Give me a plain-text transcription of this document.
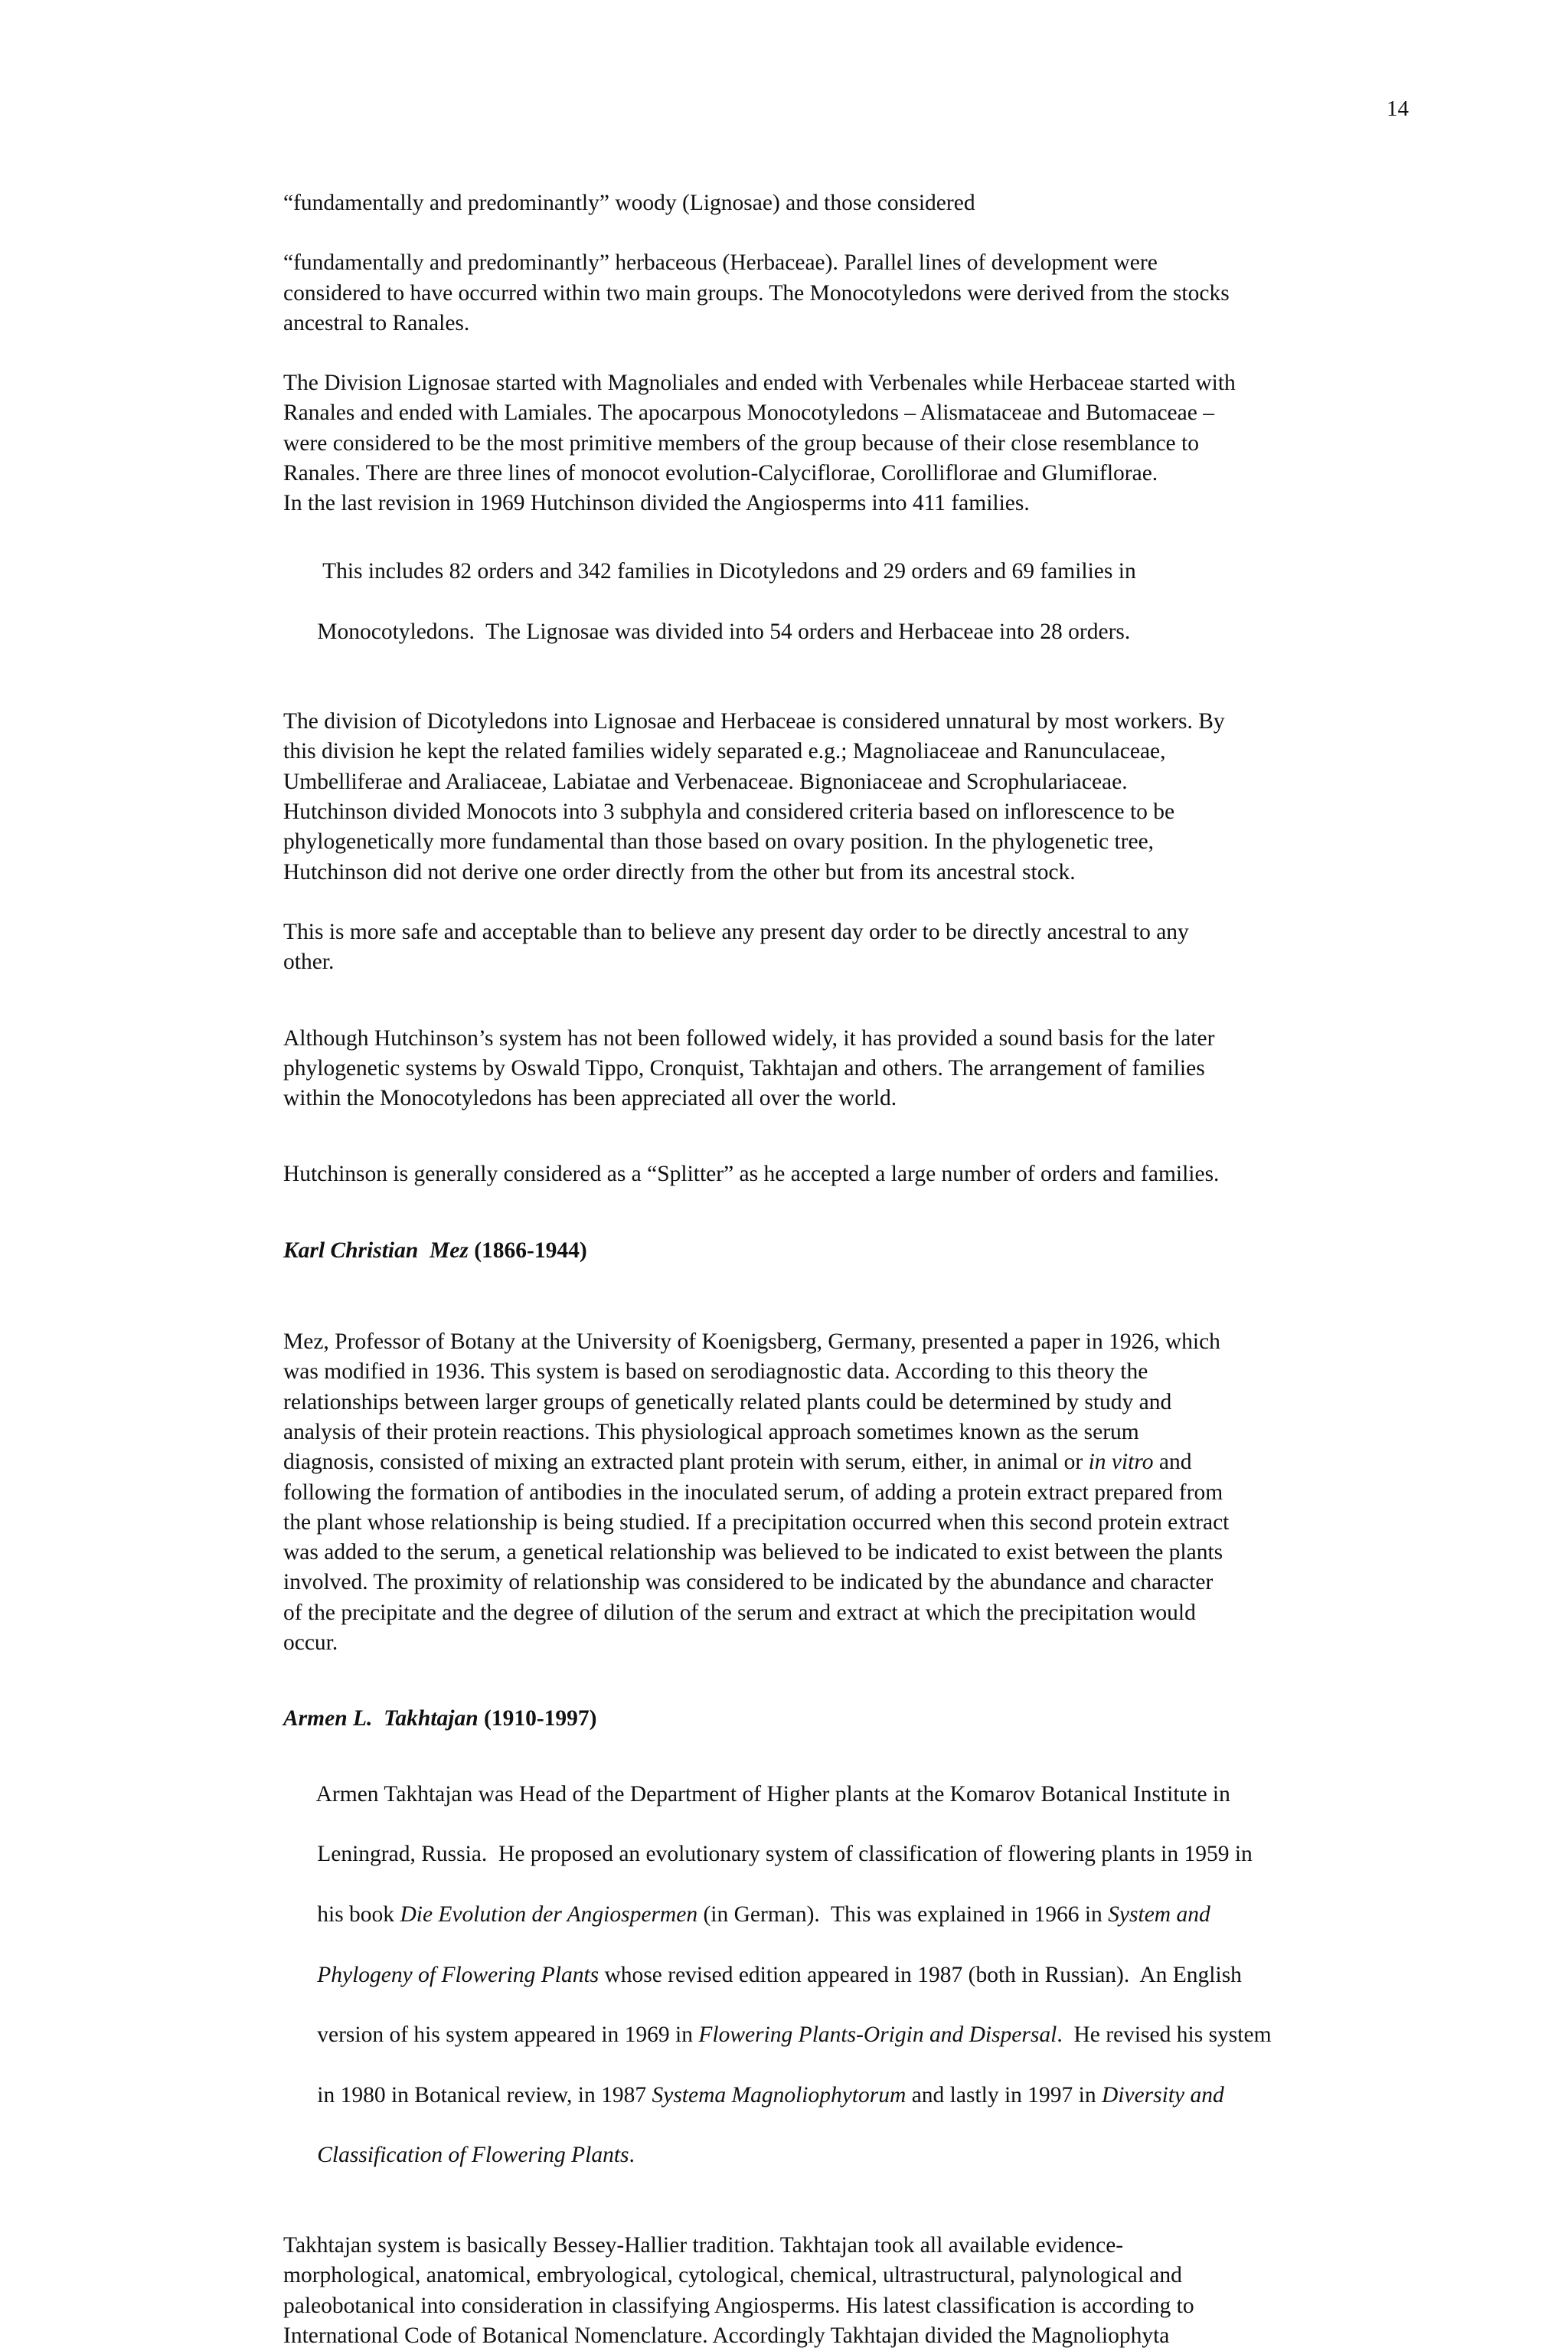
14

“fundamentally and predominantly” woody (Lignosae) and those considered

“fundamentally and predominantly” herbaceous (Herbaceae). Parallel lines of development were
considered to have occurred within two main groups. The Monocotyledons were derived from the stocks
ancestral to Ranales.

The Division Lignosae started with Magnoliales and ended with Verbenales while Herbaceae started with
Ranales and ended with Lamiales. The apocarpous Monocotyledons – Alismataceae and Butomaceae –
were considered to be the most primitive members of the group because of their close resemblance to
Ranales. There are three lines of monocot evolution-Calyciflorae, Corolliflorae and Glumiflorae.
In the last revision in 1969 Hutchinson divided the Angiosperms into 411 families.

This includes 82 orders and 342 families in Dicotyledons and 29 orders and 69 families in

Monocotyledons.  The Lignosae was divided into 54 orders and Herbaceae into 28 orders.

The division of Dicotyledons into Lignosae and Herbaceae is considered unnatural by most workers. By
this division he kept the related families widely separated e.g.; Magnoliaceae and Ranunculaceae,
Umbelliferae and Araliaceae, Labiatae and Verbenaceae. Bignoniaceae and Scrophulariaceae.
Hutchinson divided Monocots into 3 subphyla and considered criteria based on inflorescence to be
phylogenetically more fundamental than those based on ovary position. In the phylogenetic tree,
Hutchinson did not derive one order directly from the other but from its ancestral stock.

This is more safe and acceptable than to believe any present day order to be directly ancestral to any
other.

Although Hutchinson’s system has not been followed widely, it has provided a sound basis for the later
phylogenetic systems by Oswald Tippo, Cronquist, Takhtajan and others. The arrangement of families
within the Monocotyledons has been appreciated all over the world.

Hutchinson is generally considered as a “Splitter” as he accepted a large number of orders and families.

Karl Christian  Mez (1866-1944)

Mez, Professor of Botany at the University of Koenigsberg, Germany, presented a paper in 1926, which
was modified in 1936. This system is based on serodiagnostic data. According to this theory the
relationships between larger groups of genetically related plants could be determined by study and
analysis of their protein reactions. This physiological approach sometimes known as the serum
diagnosis, consisted of mixing an extracted plant protein with serum, either, in animal or in vitro and
following the formation of antibodies in the inoculated serum, of adding a protein extract prepared from
the plant whose relationship is being studied. If a precipitation occurred when this second protein extract
was added to the serum, a genetical relationship was believed to be indicated to exist between the plants
involved. The proximity of relationship was considered to be indicated by the abundance and character
of the precipitate and the degree of dilution of the serum and extract at which the precipitation would
occur.

Armen L.  Takhtajan (1910-1997)

Armen Takhtajan was Head of the Department of Higher plants at the Komarov Botanical Institute in

Leningrad, Russia.  He proposed an evolutionary system of classification of flowering plants in 1959 in

his book Die Evolution der Angiospermen (in German).  This was explained in 1966 in System and

Phylogeny of Flowering Plants whose revised edition appeared in 1987 (both in Russian).  An English

version of his system appeared in 1969 in Flowering Plants-Origin and Dispersal.  He revised his system

in 1980 in Botanical review, in 1987 Systema Magnoliophytorum and lastly in 1997 in Diversity and

Classification of Flowering Plants.

Takhtajan system is basically Bessey-Hallier tradition. Takhtajan took all available evidence-
morphological, anatomical, embryological, cytological, chemical, ultrastructural, palynological and
paleobotanical into consideration in classifying Angiosperms. His latest classification is according to
International Code of Botanical Nomenclature. Accordingly Takhtajan divided the Magnoliophyta
